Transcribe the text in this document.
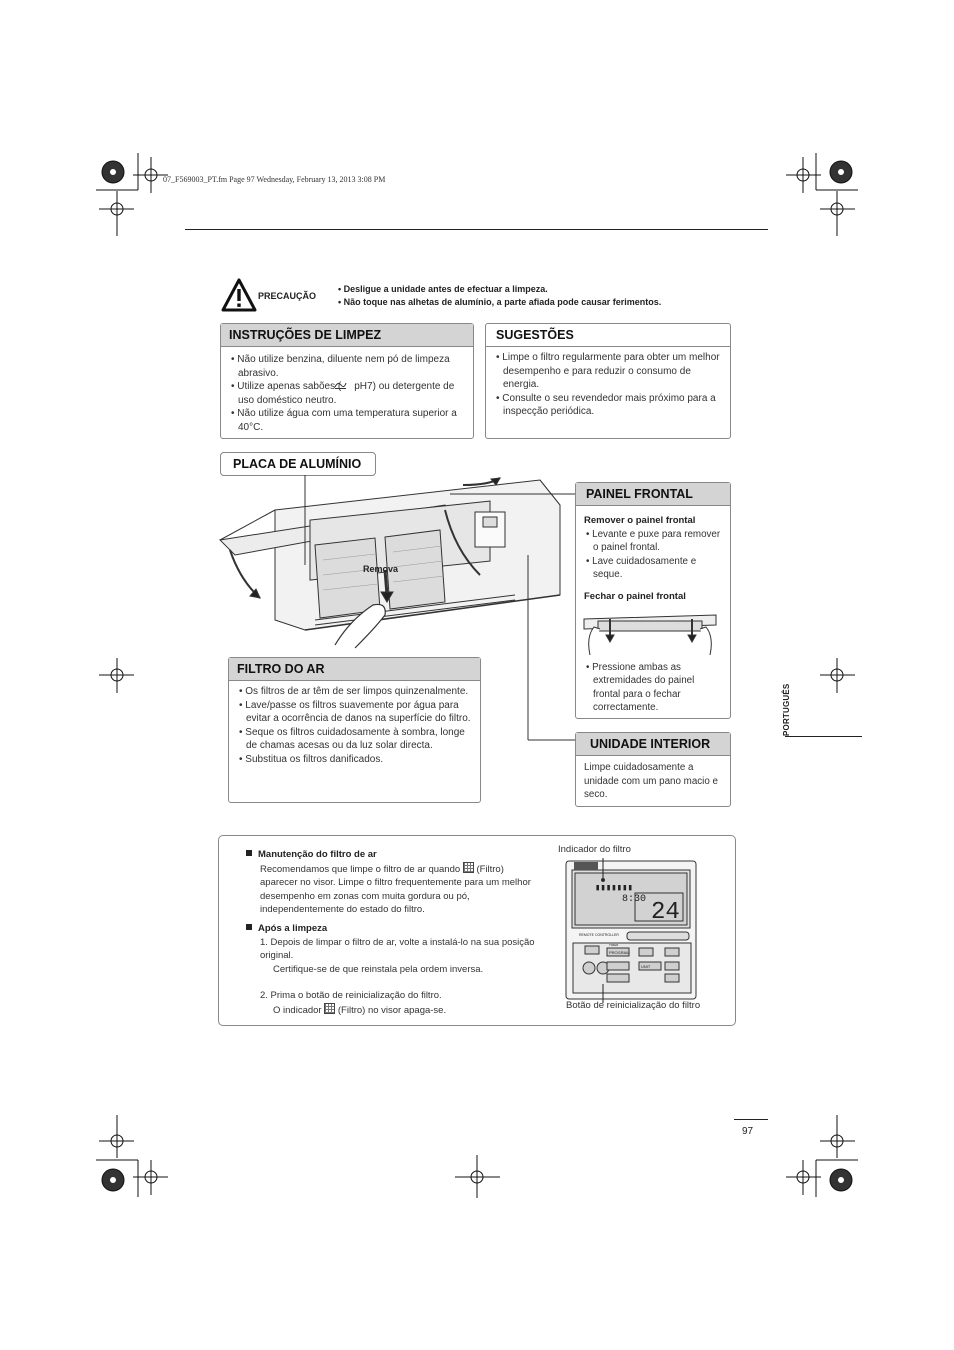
07_F569003_PT.fm Page 97 Wednesday, February 13, 2013 3:08 PM
PRECAUÇÃO
• Desligue a unidade antes de efectuar a limpeza.
• Não toque nas alhetas de alumínio, a parte afiada pode causar ferimentos.
INSTRUÇÕES DE LIMPEZ
• Não utilize benzina, diluente nem pó de limpeza abrasivo.
• Utilize apenas sabões ( pH7) ou detergente de uso doméstico neutro.
• Não utilize água com uma temperatura superior a 40°C.
SUGESTÕES
• Limpe o filtro regularmente para obter um melhor desempenho e para reduzir o consumo de energia.
• Consulte o seu revendedor mais próximo para a inspecção periódica.
PLACA DE ALUMÍNIO
Remova
PAINEL FRONTAL
Remover o painel frontal
• Levante e puxe para remover o painel frontal.
• Lave cuidadosamente e seque.
Fechar o painel frontal
• Pressione ambas as extremidades do painel frontal para o fechar correctamente.
FILTRO DO AR
• Os filtros de ar têm de ser limpos quinzenalmente.
• Lave/passe os filtros suavemente por água para evitar a ocorrência de danos na superfície do filtro.
• Seque os filtros cuidadosamente à sombra, longe de chamas acesas ou da luz solar directa.
• Substitua os filtros danificados.
UNIDADE INTERIOR
Limpe cuidadosamente a unidade com um pano macio e seco.
PORTUGUÊS
Manutenção do filtro de ar
Recomendamos que limpe o filtro de ar quando (Filtro) aparecer no visor. Limpe o filtro frequentemente para um melhor desempenho em zonas com muita gordura ou pó, independentemente do estado do filtro.
Após a limpeza
1. Depois de limpar o filtro de ar, volte a instalá-lo na sua posição original.
Certifique-se de que reinstala pela ordem inversa.
2. Prima o botão de reinicialização do filtro.
O indicador (Filtro) no visor apaga-se.
Indicador do filtro
▮▮▮▮▮▮▮
8:30 24
REMOTE CONTROLLER
PROGRAM
UNIT
TIMER
Botão de reinicialização do filtro
97
